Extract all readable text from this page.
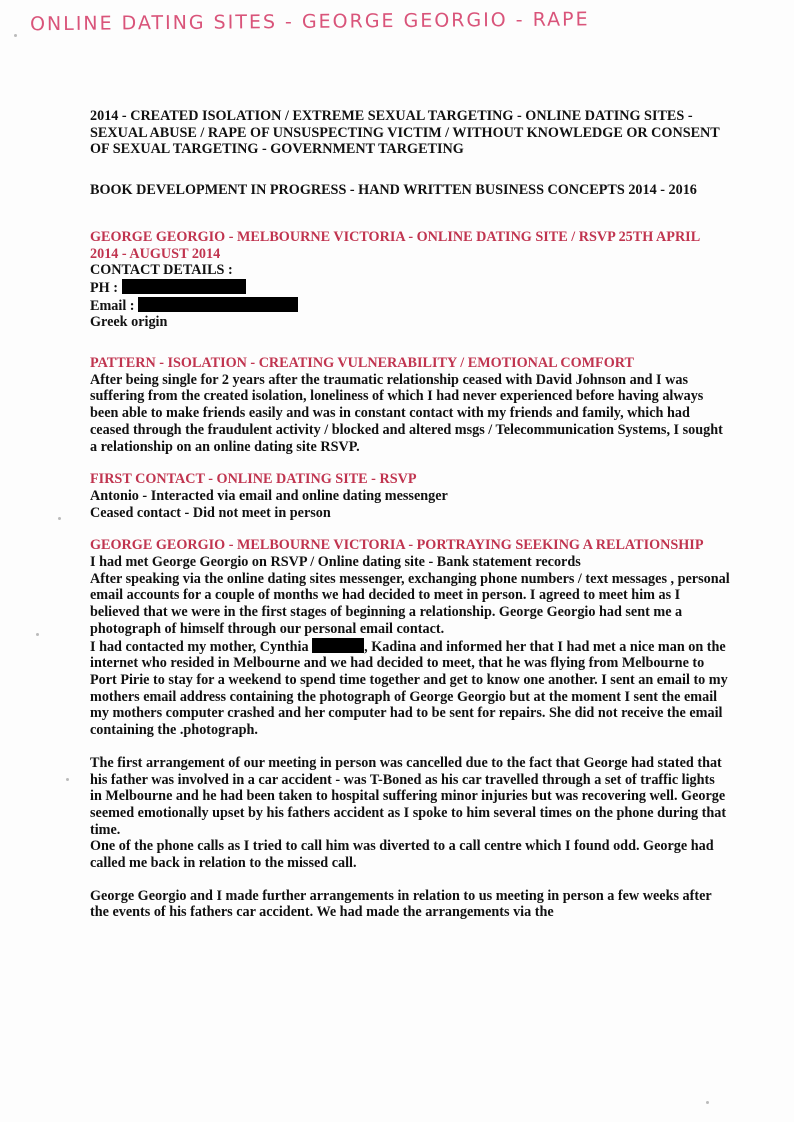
ONLINE DATING SITES - GEORGE GEORGIO - RAPE

2014 - CREATED ISOLATION / EXTREME SEXUAL TARGETING - ONLINE DATING SITES - SEXUAL ABUSE / RAPE OF UNSUSPECTING VICTIM / WITHOUT KNOWLEDGE OR CONSENT OF SEXUAL TARGETING - GOVERNMENT TARGETING

BOOK DEVELOPMENT IN PROGRESS - HAND WRITTEN BUSINESS CONCEPTS 2014 - 2016

GEORGE GEORGIO - MELBOURNE VICTORIA - ONLINE DATING SITE / RSVP 25TH APRIL 2014 - AUGUST 2014

CONTACT DETAILS :

PH :

Email :

Greek origin

PATTERN - ISOLATION - CREATING VULNERABILITY / EMOTIONAL COMFORT

After being single for 2 years after the traumatic relationship ceased with David Johnson and I was suffering from the created isolation, loneliness of which I had never experienced before having always been able to make friends easily and was in constant contact with my friends and family, which had ceased through the fraudulent activity / blocked and altered msgs / Telecommunication Systems, I sought a relationship on an online dating site RSVP.

FIRST CONTACT - ONLINE DATING SITE - RSVP

Antonio - Interacted via email and online dating messenger

Ceased contact - Did not meet in person

GEORGE GEORGIO - MELBOURNE VICTORIA - PORTRAYING SEEKING A RELATIONSHIP

I had met George Georgio on RSVP / Online dating site - Bank statement records

After speaking via the online dating sites messenger, exchanging phone numbers / text messages , personal email accounts for a couple of months we had decided to meet in person. I agreed to meet him as I believed that we were in the first stages of beginning a relationship. George Georgio had sent me a photograph of himself through our personal email contact.

I had contacted my mother, Cynthia	, Kadina and informed her that I had met a nice man on the internet who resided in Melbourne and we had decided to meet, that he was flying from Melbourne to Port Pirie to stay for a weekend to spend time together and get to know one another. I sent an email to my mothers email address containing the photograph of George Georgio but at the moment I sent the email my mothers computer crashed and her computer had to be sent for repairs. She did not receive the email containing the .photograph.

The first arrangement of our meeting in person was cancelled due to the fact that George had stated that his father was involved in a car accident - was T-Boned as his car travelled through a set of traffic lights in Melbourne and he had been taken to hospital suffering minor injuries but was recovering well. George seemed emotionally upset by his fathers accident as I spoke to him several times on the phone during that time.

One of the phone calls as I tried to call him was diverted to a call centre which I found odd. George had called me back in relation to the missed call.

George Georgio and I made further arrangements in relation to us meeting in person a few weeks after the events of his fathers car accident. We had made the arrangements via the
